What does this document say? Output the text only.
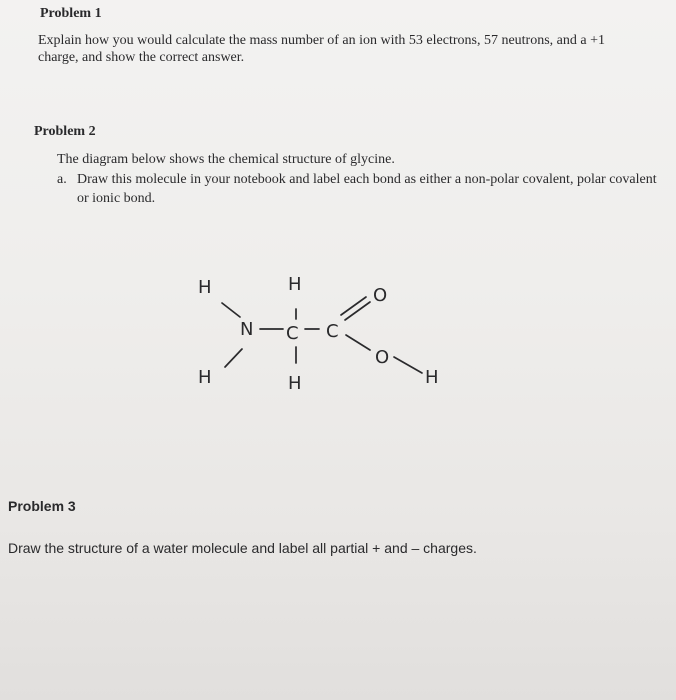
Problem 1
Explain how you would calculate the mass number of an ion with 53 electrons, 57 neutrons, and a +1 charge, and show the correct answer.
Problem 2
The diagram below shows the chemical structure of glycine.
a. Draw this molecule in your notebook and label each bond as either a non-polar covalent, polar covalent or ionic bond.
H
H
N
H
C
H
C
O
O
H
Problem 3
Draw the structure of a water molecule and label all partial + and – charges.
